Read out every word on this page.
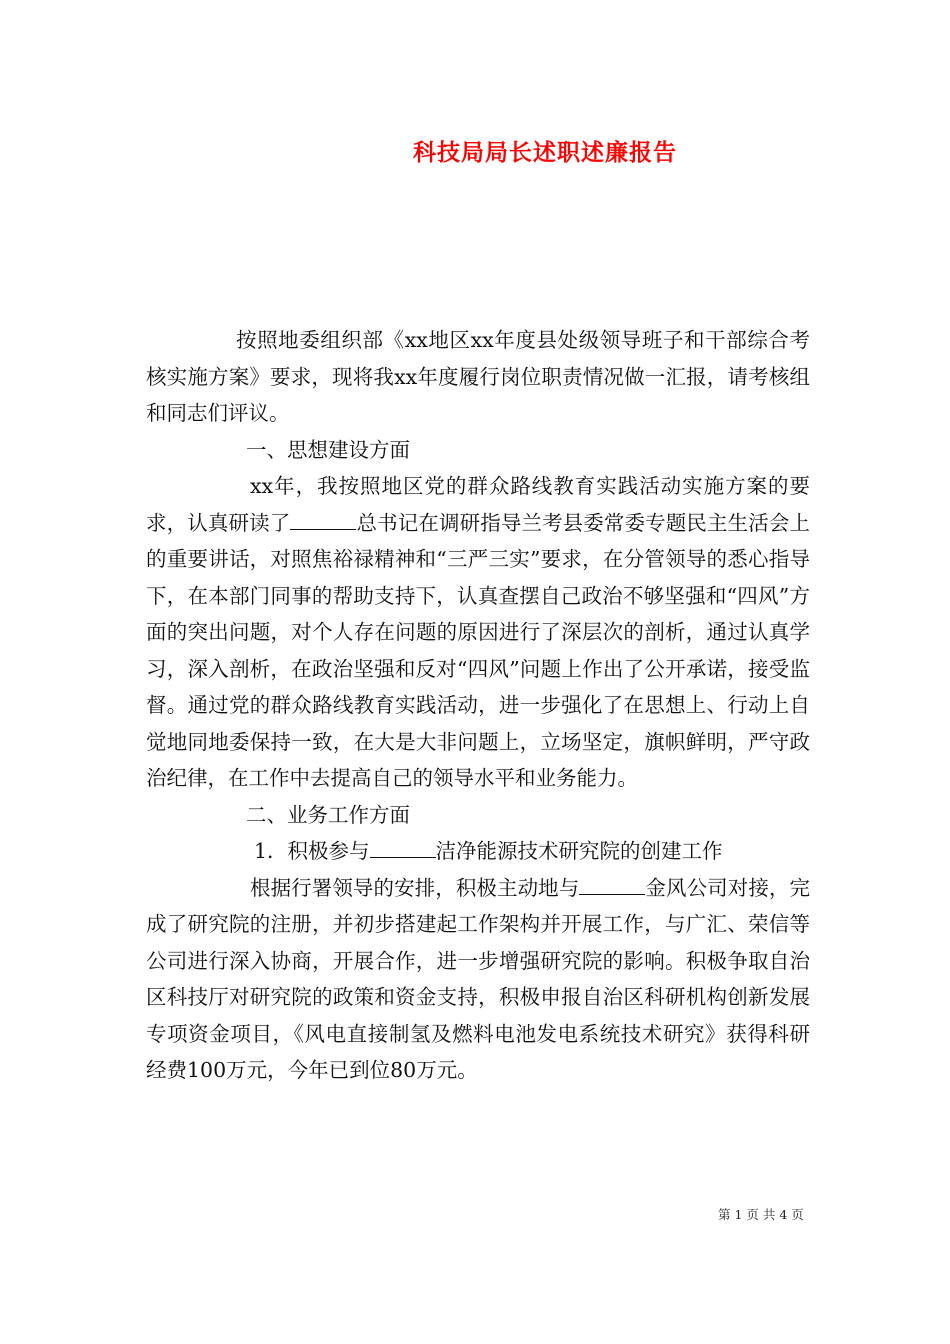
科技局局长述职述廉报告

按照地委组织部《xx地区xx年度县处级领导班子和干部综合考核实施方案》要求，现将我xx年度履行岗位职责情况做一汇报，请考核组和同志们评议。

一、思想建设方面

xx年，我按照地区党的群众路线教育实践活动实施方案的要求，认真研读了	总书记在调研指导兰考县委常委专题民主生活会上的重要讲话，对照焦裕禄精神和“三严三实”要求，在分管领导的悉心指导下，在本部门同事的帮助支持下，认真查摆自己政治不够坚强和“四风”方面的突出问题，对个人存在问题的原因进行了深层次的剖析，通过认真学习，深入剖析，在政治坚强和反对“四风”问题上作出了公开承诺，接受监督。通过党的群众路线教育实践活动，进一步强化了在思想上、行动上自觉地同地委保持一致，在大是大非问题上，立场坚定，旗帜鲜明，严守政治纪律，在工作中去提高自己的领导水平和业务能力。

二、业务工作方面

1．积极参与	洁净能源技术研究院的创建工作

根据行署领导的安排，积极主动地与	金风公司对接，完成了研究院的注册，并初步搭建起工作架构并开展工作，与广汇、荣信等公司进行深入协商，开展合作，进一步增强研究院的影响。积极争取自治区科技厅对研究院的政策和资金支持，积极申报自治区科研机构创新发展专项资金项目，《风电直接制氢及燃料电池发电系统技术研究》获得科研经费100万元，今年已到位80万元。

第 1 页 共 4 页
